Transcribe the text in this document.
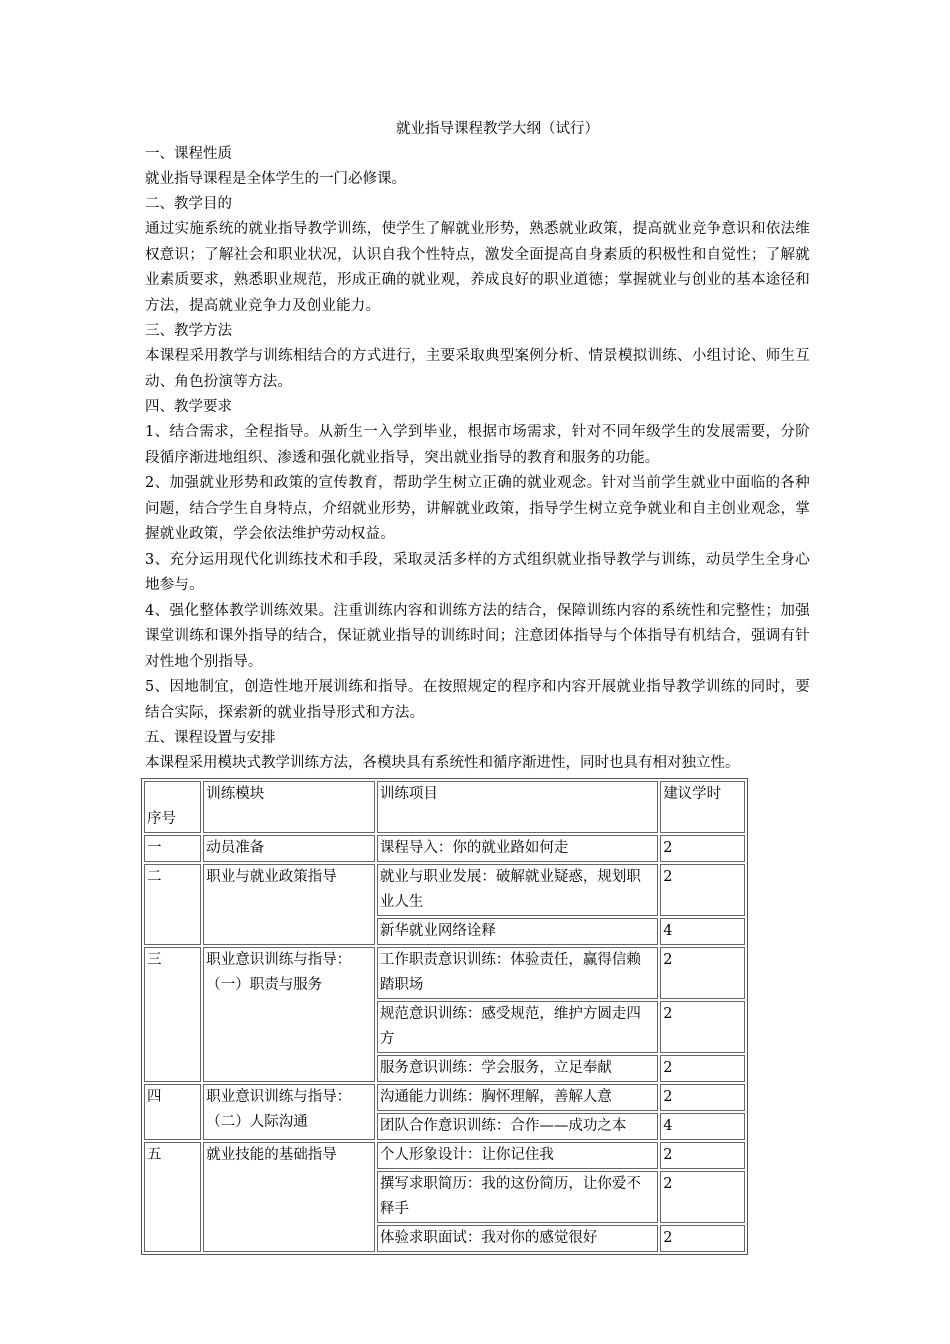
就业指导课程教学大纲（试行）

一、课程性质

就业指导课程是全体学生的一门必修课。

二、教学目的

通过实施系统的就业指导教学训练，使学生了解就业形势，熟悉就业政策，提高就业竞争意识和依法维权意识；了解社会和职业状况，认识自我个性特点，激发全面提高自身素质的积极性和自觉性；了解就业素质要求，熟悉职业规范，形成正确的就业观，养成良好的职业道德；掌握就业与创业的基本途径和方法，提高就业竞争力及创业能力。

三、教学方法

本课程采用教学与训练相结合的方式进行，主要采取典型案例分析、情景模拟训练、小组讨论、师生互动、角色扮演等方法。

四、教学要求

1、结合需求，全程指导。从新生一入学到毕业，根据市场需求，针对不同年级学生的发展需要，分阶段循序渐进地组织、渗透和强化就业指导，突出就业指导的教育和服务的功能。

2、加强就业形势和政策的宣传教育，帮助学生树立正确的就业观念。针对当前学生就业中面临的各种问题，结合学生自身特点，介绍就业形势，讲解就业政策，指导学生树立竞争就业和自主创业观念，掌握就业政策，学会依法维护劳动权益。

3、充分运用现代化训练技术和手段，采取灵活多样的方式组织就业指导教学与训练，动员学生全身心地参与。

4、强化整体教学训练效果。注重训练内容和训练方法的结合，保障训练内容的系统性和完整性；加强课堂训练和课外指导的结合，保证就业指导的训练时间；注意团体指导与个体指导有机结合，强调有针对性地个别指导。

5、因地制宜，创造性地开展训练和指导。在按照规定的程序和内容开展就业指导教学训练的同时，要结合实际，探索新的就业指导形式和方法。

五、课程设置与安排

本课程采用模块式教学训练方法，各模块具有系统性和循序渐进性，同时也具有相对独立性。

序号	训练模块	训练项目	建议学时
一	动员准备	课程导入：你的就业路如何走	2
二	职业与就业政策指导	就业与职业发展：破解就业疑惑，规划职业人生	2
		新华就业网络诠释	4
三	职业意识训练与指导：（一）职责与服务	工作职责意识训练：体验责任，赢得信赖踏职场	2
		规范意识训练：感受规范，维护方圆走四方	2
		服务意识训练：学会服务，立足奉献	2
四	职业意识训练与指导：（二）人际沟通	沟通能力训练：胸怀理解，善解人意	2
		团队合作意识训练：合作——成功之本	4
五	就业技能的基础指导	个人形象设计：让你记住我	2
		撰写求职简历：我的这份简历，让你爱不释手	2
		体验求职面试：我对你的感觉很好	2
